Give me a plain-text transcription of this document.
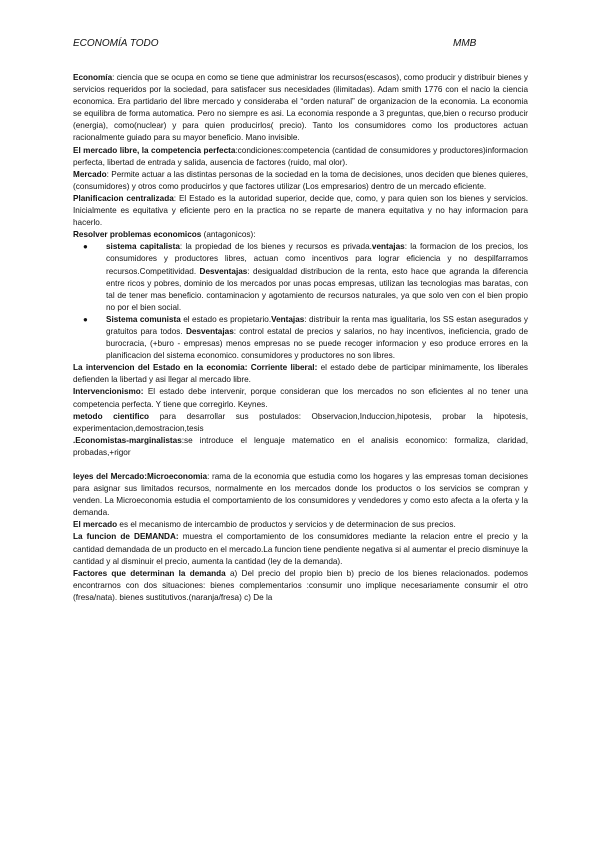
ECONOMÍA TODO	MMB

Economía: ciencia que se ocupa en como se tiene que administrar los recursos(escasos), como producir y distribuir bienes y servicios requeridos por la sociedad, para satisfacer sus necesidades (ilimitadas). Adam smith 1776 con el nacio la ciencia economica. Era partidario del libre mercado y consideraba el “orden natural” de organizacion de la economia. La economia se equilibra de forma automatica. Pero no siempre es asi. La economia responde a 3 preguntas, que,bien o recurso producir (energia), como(nuclear) y para quien producirlos( precio). Tanto los consumidores como los productores actuan racionalmente guiado para su mayor beneficio. Mano invisible.

El mercado libre, la competencia perfecta:condiciones:competencia (cantidad de consumidores y productores)informacion perfecta, libertad de entrada y salida, ausencia de factores (ruido, mal olor).

Mercado: Permite actuar a las distintas personas de la sociedad en la toma de decisiones, unos deciden que bienes quieres, (consumidores) y otros como producirlos y que factores utilizar (Los empresarios) dentro de un mercado eficiente.

Planificacion centralizada: El Estado es la autoridad superior, decide que, como, y para quien son los bienes y servicios. Inicialmente es equitativa y eficiente pero en la practica no se reparte de manera equitativa y no hay informacion para hacerlo.

Resolver problemas economicos (antagonicos):

● sistema capitalista: la propiedad de los bienes y recursos es privada.ventajas: la formacion de los precios, los consumidores y productores libres, actuan como incentivos para lograr eficiencia y no despilfarramos recursos.Competitividad. Desventajas: desigualdad distribucion de la renta, esto hace que agranda la diferencia entre ricos y pobres, dominio de los mercados por unas pocas empresas, utilizan las tecnologias mas baratas, con tal de tener mas beneficio. contaminacion y agotamiento de recursos naturales, ya que solo ven con el bien propio no por el bien social.
● Sistema comunista el estado es propietario.Ventajas: distribuir la renta mas igualitaria, los SS estan asegurados y gratuitos para todos. Desventajas: control estatal de precios y salarios, no hay incentivos, ineficiencia, grado de burocracia, (+buro - empresas) menos empresas no se puede recoger informacion y eso produce errores en la planificacion del sistema economico. consumidores y productores no son libres.

La intervencion del Estado en la economia: Corriente liberal: el estado debe de participar minimamente, los liberales defienden la libertad y asi llegar al mercado libre.

Intervencionismo: El estado debe intervenir, porque consideran que los mercados no son eficientes al no tener una competencia perfecta. Y tiene que corregirlo. Keynes.

metodo cientifico para desarrollar sus postulados: Observacion,Induccion,hipotesis, probar la hipotesis, experimentacion,demostracion,tesis

.Economistas-marginalistas:se introduce el lenguaje matematico en el analisis economico: formaliza, claridad, probadas,+rigor

leyes del Mercado:Microeconomia: rama de la economia que estudia como los hogares y las empresas toman decisiones para asignar sus limitados recursos, normalmente en los mercados donde los productos o los servicios se compran y venden. La Microeconomia estudia el comportamiento de los consumidores y vendedores y como esto afecta a la oferta y la demanda.

El mercado es el mecanismo de intercambio de productos y servicios y de determinacion de sus precios.

La funcion de DEMANDA: muestra el comportamiento de los consumidores mediante la relacion entre el precio y la cantidad demandada de un producto en el mercado.La funcion tiene pendiente negativa si al aumentar el precio disminuye la cantidad y al disminuir el precio, aumenta la cantidad (ley de la demanda).

Factores que determinan la demanda a) Del precio del propio bien b) precio de los bienes relacionados. podemos encontrarnos con dos situaciones: bienes complementarios :consumir uno implique necesariamente consumir el otro (fresa/nata). bienes sustitutivos.(naranja/fresa) c) De la
